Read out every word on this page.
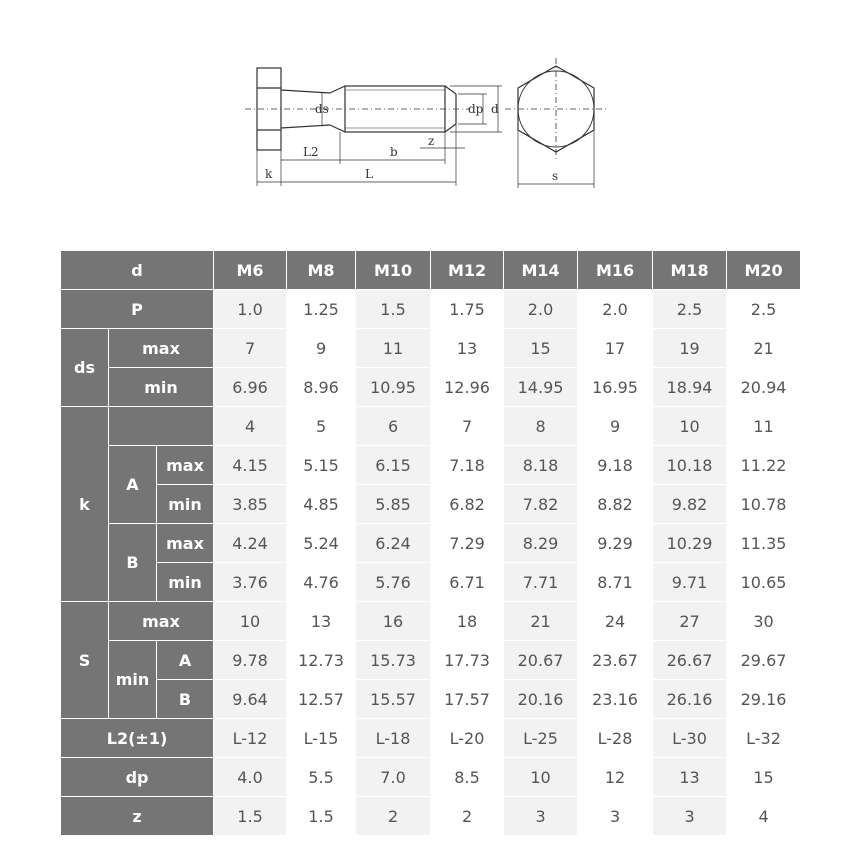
ds	dp d
L2	b
z
k	L	s
d			M6	M8	M10	M12	M14	M16	M18	M20
P			1.0	1.25	1.5	1.75	2.0	2.0	2.5	2.5
ds	max		7	9	11	13	15	17	19	21
	min		6.96	8.96	10.95	12.96	14.95	16.95	18.94	20.94
k			4	5	6	7	8	9	10	11
	A	max	4.15	5.15	6.15	7.18	8.18	9.18	10.18	11.22
		min	3.85	4.85	5.85	6.82	7.82	8.82	9.82	10.78
	B	max	4.24	5.24	6.24	7.29	8.29	9.29	10.29	11.35
		min	3.76	4.76	5.76	6.71	7.71	8.71	9.71	10.65
S	max		10	13	16	18	21	24	27	30
	min	A	9.78	12.73	15.73	17.73	20.67	23.67	26.67	29.67
		B	9.64	12.57	15.57	17.57	20.16	23.16	26.16	29.16
L2(±1)			L-12	L-15	L-18	L-20	L-25	L-28	L-30	L-32
dp			4.0	5.5	7.0	8.5	10	12	13	15
z			1.5	1.5	2	2	3	3	3	4
